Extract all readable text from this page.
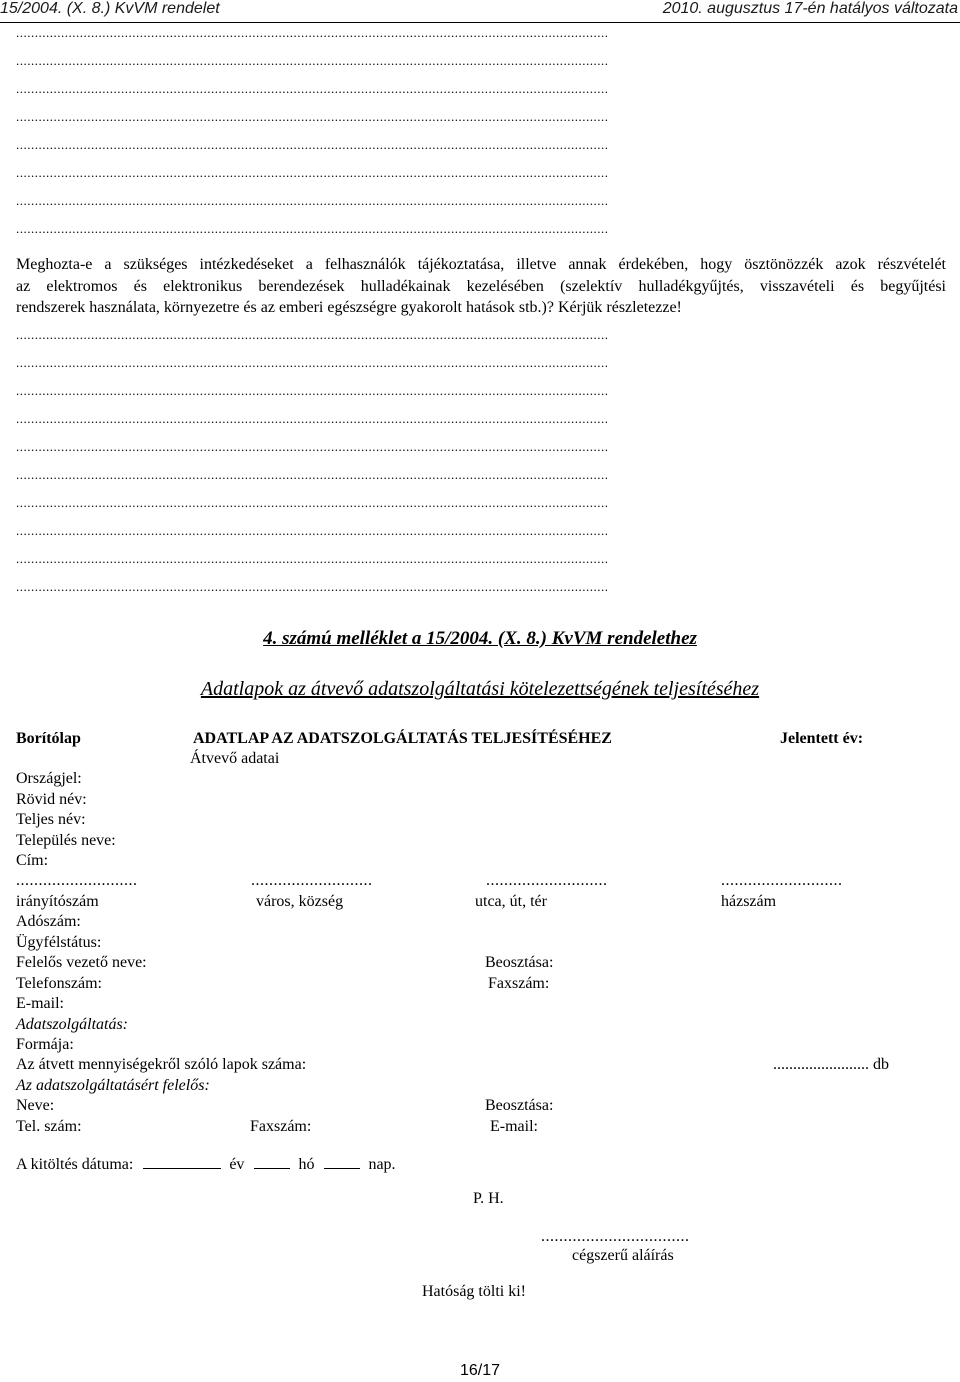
15/2004. (X. 8.) KvVM rendelet	2010. augusztus 17-én hatályos változata
..............................................................................................................................................................
..............................................................................................................................................................
..............................................................................................................................................................
..............................................................................................................................................................
..............................................................................................................................................................
..............................................................................................................................................................
..............................................................................................................................................................
..............................................................................................................................................................
Meghozta-e a szükséges intézkedéseket a felhasználók tájékoztatása, illetve annak érdekében, hogy ösztönözzék azok részvételét
az elektromos és elektronikus berendezések hulladékainak kezelésében (szelektív hulladékgyűjtés, visszavételi és begyűjtési
rendszerek használata, környezetre és az emberi egészségre gyakorolt hatások stb.)? Kérjük részletezze!
..............................................................................................................................................................
..............................................................................................................................................................
..............................................................................................................................................................
..............................................................................................................................................................
..............................................................................................................................................................
..............................................................................................................................................................
..............................................................................................................................................................
..............................................................................................................................................................
..............................................................................................................................................................
..............................................................................................................................................................
4. számú melléklet a 15/2004. (X. 8.) KvVM rendelethez
Adatlapok az átvevő adatszolgáltatási kötelezettségének teljesítéséhez
Borítólap	ADATLAP AZ ADATSZOLGÁLTATÁS TELJESÍTÉSÉHEZ	Jelentett év:
Átvevő adatai
Országjel:
Rövid név:
Teljes név:
Település neve:
Cím:
...........................	...........................	...........................	...........................
irányítószám	város, község	utca, út, tér	házszám
Adószám:
Ügyfélstátus:
Felelős vezető neve:	Beosztása:
Telefonszám:	Faxszám:
E-mail:
Adatszolgáltatás:
Formája:
Az átvett mennyiségekről szóló lapok száma:	........................ db
Az adatszolgáltatásért felelős:
Neve:	Beosztása:
Tel. szám:	Faxszám:	E-mail:
A kitöltés dátuma:	év	hó	nap.
P. H.
.................................
cégszerű aláírás
Hatóság tölti ki!
16/17
